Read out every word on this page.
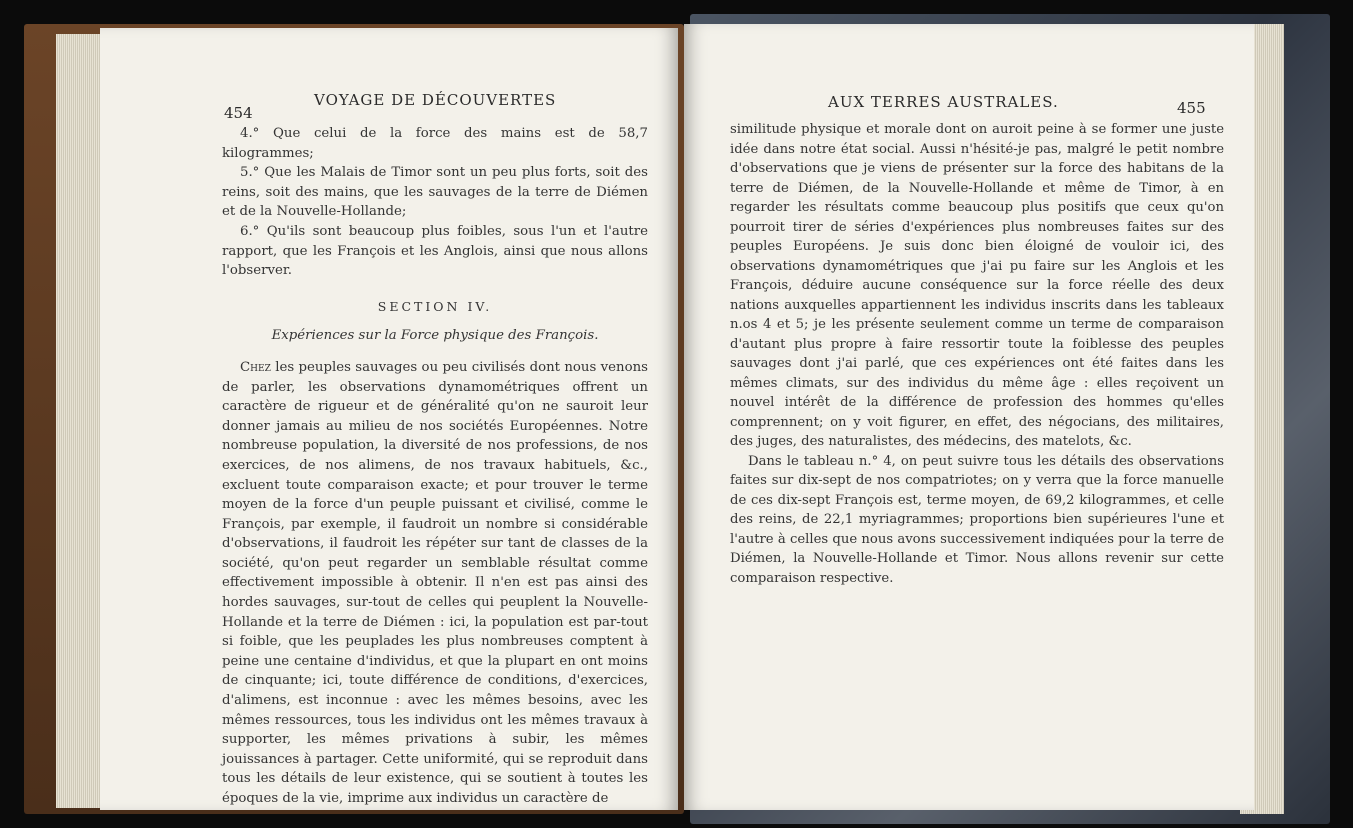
454
VOYAGE DE DÉCOUVERTES

4.° Que celui de la force des mains est de 58,7 kilogrammes;

5.° Que les Malais de Timor sont un peu plus forts, soit des reins, soit des mains, que les sauvages de la terre de Diémen et de la Nouvelle-Hollande;

6.° Qu'ils sont beaucoup plus foibles, sous l'un et l'autre rapport, que les François et les Anglois, ainsi que nous allons l'observer.

SECTION IV.

Expériences sur la Force physique des François.

Chez les peuples sauvages ou peu civilisés dont nous venons de parler, les observations dynamométriques offrent un caractère de rigueur et de généralité qu'on ne sauroit leur donner jamais au milieu de nos sociétés Européennes. Notre nombreuse population, la diversité de nos professions, de nos exercices, de nos alimens, de nos travaux habituels, &c., excluent toute comparaison exacte; et pour trouver le terme moyen de la force d'un peuple puissant et civilisé, comme le François, par exemple, il faudroit un nombre si considérable d'observations, il faudroit les répéter sur tant de classes de la société, qu'on peut regarder un semblable résultat comme effectivement impossible à obtenir. Il n'en est pas ainsi des hordes sauvages, sur-tout de celles qui peuplent la Nouvelle-Hollande et la terre de Diémen : ici, la population est par-tout si foible, que les peuplades les plus nombreuses comptent à peine une centaine d'individus, et que la plupart en ont moins de cinquante; ici, toute différence de conditions, d'exercices, d'alimens, est inconnue : avec les mêmes besoins, avec les mêmes ressources, tous les individus ont les mêmes travaux à supporter, les mêmes privations à subir, les mêmes jouissances à partager. Cette uniformité, qui se reproduit dans tous les détails de leur existence, qui se soutient à toutes les époques de la vie, imprime aux individus un caractère de

AUX TERRES AUSTRALES.	455

similitude physique et morale dont on auroit peine à se former une juste idée dans notre état social. Aussi n'hésité-je pas, malgré le petit nombre d'observations que je viens de présenter sur la force des habitans de la terre de Diémen, de la Nouvelle-Hollande et même de Timor, à en regarder les résultats comme beaucoup plus positifs que ceux qu'on pourroit tirer de séries d'expériences plus nombreuses faites sur des peuples Européens. Je suis donc bien éloigné de vouloir ici, des observations dynamométriques que j'ai pu faire sur les Anglois et les François, déduire aucune conséquence sur la force réelle des deux nations auxquelles appartiennent les individus inscrits dans les tableaux n.os 4 et 5; je les présente seulement comme un terme de comparaison d'autant plus propre à faire ressortir toute la foiblesse des peuples sauvages dont j'ai parlé, que ces expériences ont été faites dans les mêmes climats, sur des individus du même âge : elles reçoivent un nouvel intérêt de la différence de profession des hommes qu'elles comprennent; on y voit figurer, en effet, des négocians, des militaires, des juges, des naturalistes, des médecins, des matelots, &c.

Dans le tableau n.° 4, on peut suivre tous les détails des observations faites sur dix-sept de nos compatriotes; on y verra que la force manuelle de ces dix-sept François est, terme moyen, de 69,2 kilogrammes, et celle des reins, de 22,1 myriagrammes; proportions bien supérieures l'une et l'autre à celles que nous avons successivement indiquées pour la terre de Diémen, la Nouvelle-Hollande et Timor. Nous allons revenir sur cette comparaison respective.
